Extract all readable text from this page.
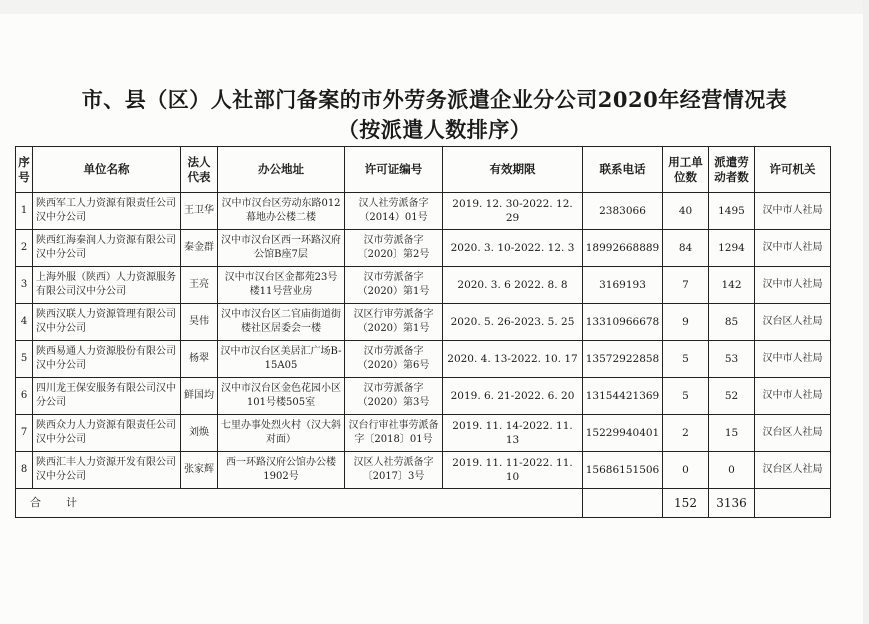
市、县（区）人社部门备案的市外劳务派遣企业分公司2020年经营情况表
（按派遣人数排序）
序号	单位名称	法人代表	办公地址	许可证编号	有效期限	联系电话	用工单位数	派遣劳动者数	许可机关
1	陕西军工人力资源有限责任公司汉中分公司	王卫华	汉中市汉台区劳动东路012幕地办公楼二楼	汉人社劳派备字（2014）01号	2019. 12. 30-2022. 12. 29	2383066	40	1495	汉中市人社局
2	陕西红海秦润人力资源有限公司汉中分公司	秦金群	汉中市汉台区西一环路汉府公馆B座7层	汉市劳派备字〔2020〕第2号	2020. 3. 10-2022. 12. 3	18992668889	84	1294	汉中市人社局
3	上海外服（陕西）人力资源服务有限公司汉中分公司	王亮	汉中市汉台区金都苑23号楼11号营业房	汉市劳派备字（2020）第1号	2020. 3. 6 2022. 8. 8	3169193	7	142	汉中市人社局
4	陕西汉联人力资源管理有限公司汉中分公司	昊伟	汉中市汉台区二官庙街道街楼社区居委会一楼	汉区行审劳派备字（2020）第1号	2020. 5. 26-2023. 5. 25	13310966678	9	85	汉台区人社局
5	陕西易通人力资源股份有限公司汉中分公司	杨翠	汉中市汉台区美居汇广场B-15A05	汉市劳派备字（2020）第6号	2020. 4. 13-2022. 10. 17	13572922858	5	53	汉中市人社局
6	四川龙王保安服务有限公司汉中分公司	鲜国均	汉中市汉台区金色花园小区101号楼505室	汉市劳派备字（2020）第3号	2019. 6. 21-2022. 6. 20	13154421369	5	52	汉中市人社局
7	陕西众力人力资源有限责任公司汉中分公司	刘焕	七里办事处烈火村（汉大斜对面）	汉台行审社事劳派备字〔2018〕01号	2019. 11. 14-2022. 11. 13	15229940401	2	15	汉台区人社局
8	陕西汇丰人力资源开发有限公司汉中分公司	张家辉	西一环路汉府公馆办公楼1902号	汉区人社劳派备字〔2017〕3号	2019. 11. 11-2022. 11. 10	15686151506	0	0	汉台区人社局
合　　计							152	3136	
